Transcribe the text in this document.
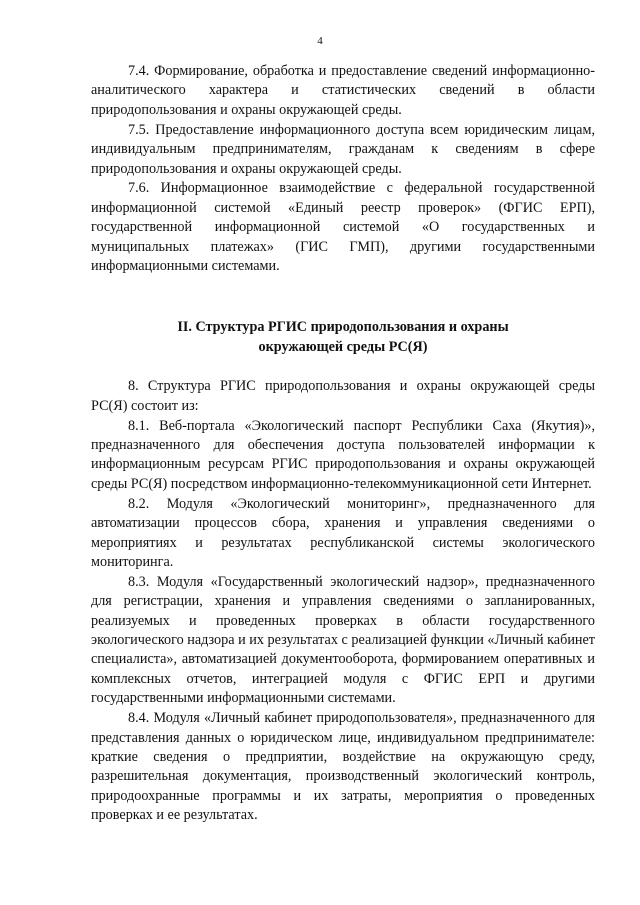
4

7.4. Формирование, обработка и предоставление сведений информационно-аналитического характера и статистических сведений в области природопользования и охраны окружающей среды.

7.5. Предоставление информационного доступа всем юридическим лицам, индивидуальным предпринимателям, гражданам к сведениям в сфере природопользования и охраны окружающей среды.

7.6. Информационное взаимодействие с федеральной государственной информационной системой «Единый реестр проверок» (ФГИС ЕРП), государственной информационной системой «О государственных и муниципальных платежах» (ГИС ГМП), другими государственными информационными системами.

II. Структура РГИС природопользования и охраны
окружающей среды РС(Я)

8. Структура РГИС природопользования и охраны окружающей среды РС(Я) состоит из:

8.1. Веб-портала «Экологический паспорт Республики Саха (Якутия)», предназначенного для обеспечения доступа пользователей информации к информационным ресурсам РГИС природопользования и охраны окружающей среды РС(Я) посредством информационно-телекоммуникационной сети Интернет.

8.2. Модуля «Экологический мониторинг», предназначенного для автоматизации процессов сбора, хранения и управления сведениями о мероприятиях и результатах республиканской системы экологического мониторинга.

8.3. Модуля «Государственный экологический надзор», предназначенного для регистрации, хранения и управления сведениями о запланированных, реализуемых и проведенных проверках в области государственного экологического надзора и их результатах с реализацией функции «Личный кабинет специалиста», автоматизацией документооборота, формированием оперативных и комплексных отчетов, интеграцией модуля с ФГИС ЕРП и другими государственными информационными системами.

8.4. Модуля «Личный кабинет природопользователя», предназначенного для представления данных о юридическом лице, индивидуальном предпринимателе: краткие сведения о предприятии, воздействие на окружающую среду, разрешительная документация, производственный экологический контроль, природоохранные программы и их затраты, мероприятия о проведенных проверках и ее результатах.
